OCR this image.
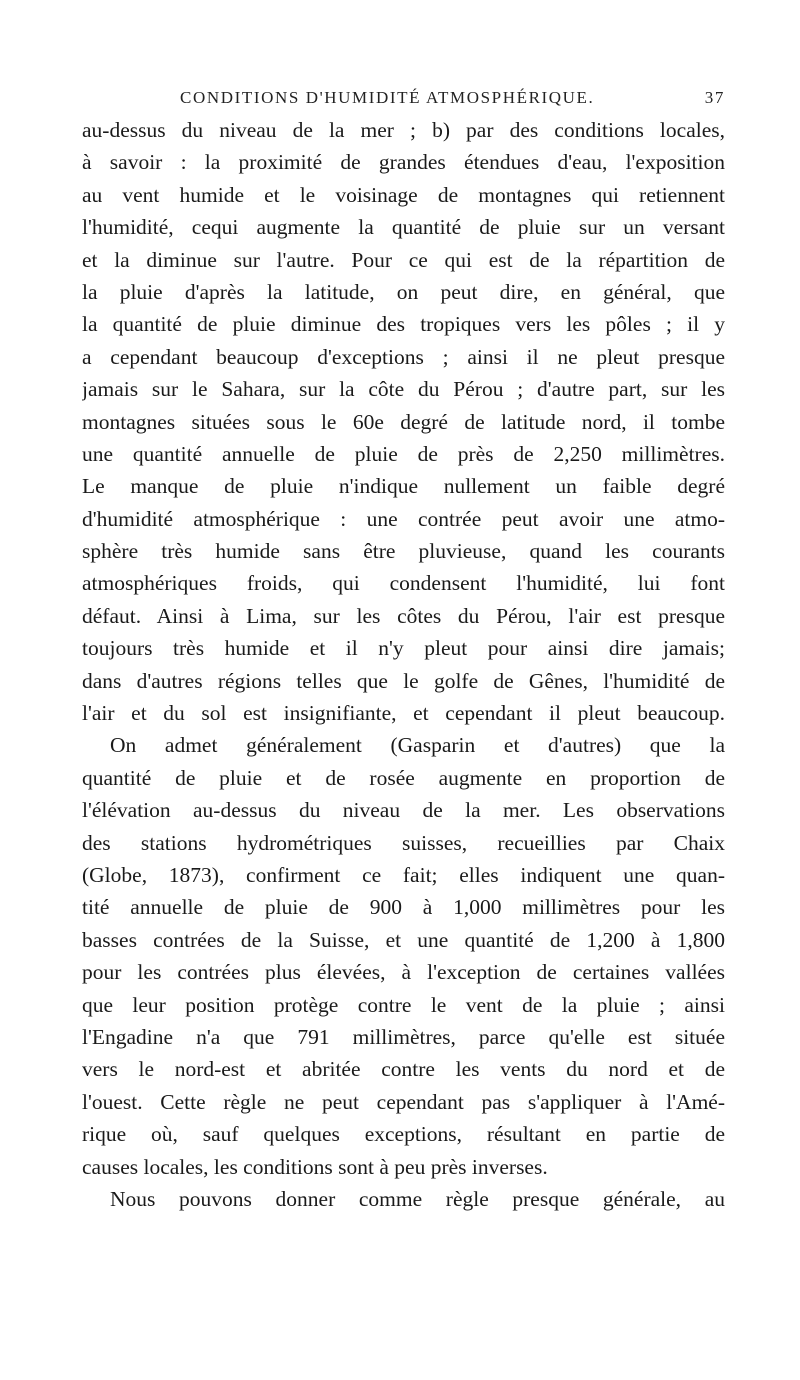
CONDITIONS D'HUMIDITÉ ATMOSPHÉRIQUE.	37
au-dessus du niveau de la mer ; b) par des conditions locales,
à savoir : la proximité de grandes étendues d'eau, l'exposition
au vent humide et le voisinage de montagnes qui retiennent
l'humidité, cequi augmente la quantité de pluie sur un versant
et la diminue sur l'autre. Pour ce qui est de la répartition de
la pluie d'après la latitude, on peut dire, en général, que
la quantité de pluie diminue des tropiques vers les pôles ; il y
a cependant beaucoup d'exceptions ; ainsi il ne pleut presque
jamais sur le Sahara, sur la côte du Pérou ; d'autre part, sur les
montagnes situées sous le 60e degré de latitude nord, il tombe
une quantité annuelle de pluie de près de 2,250 millimètres.
Le manque de pluie n'indique nullement un faible degré
d'humidité atmosphérique : une contrée peut avoir une atmo-
sphère très humide sans être pluvieuse, quand les courants
atmosphériques froids, qui condensent l'humidité, lui font
défaut. Ainsi à Lima, sur les côtes du Pérou, l'air est presque
toujours très humide et il n'y pleut pour ainsi dire jamais;
dans d'autres régions telles que le golfe de Gênes, l'humidité de
l'air et du sol est insignifiante, et cependant il pleut beaucoup.
On admet généralement (Gasparin et d'autres) que la
quantité de pluie et de rosée augmente en proportion de
l'élévation au-dessus du niveau de la mer. Les observations
des stations hydrométriques suisses, recueillies par Chaix
(Globe, 1873), confirment ce fait; elles indiquent une quan-
tité annuelle de pluie de 900 à 1,000 millimètres pour les
basses contrées de la Suisse, et une quantité de 1,200 à 1,800
pour les contrées plus élevées, à l'exception de certaines vallées
que leur position protège contre le vent de la pluie ; ainsi
l'Engadine n'a que 791 millimètres, parce qu'elle est située
vers le nord-est et abritée contre les vents du nord et de
l'ouest. Cette règle ne peut cependant pas s'appliquer à l'Amé-
rique où, sauf quelques exceptions, résultant en partie de
causes locales, les conditions sont à peu près inverses.
Nous pouvons donner comme règle presque générale, au
